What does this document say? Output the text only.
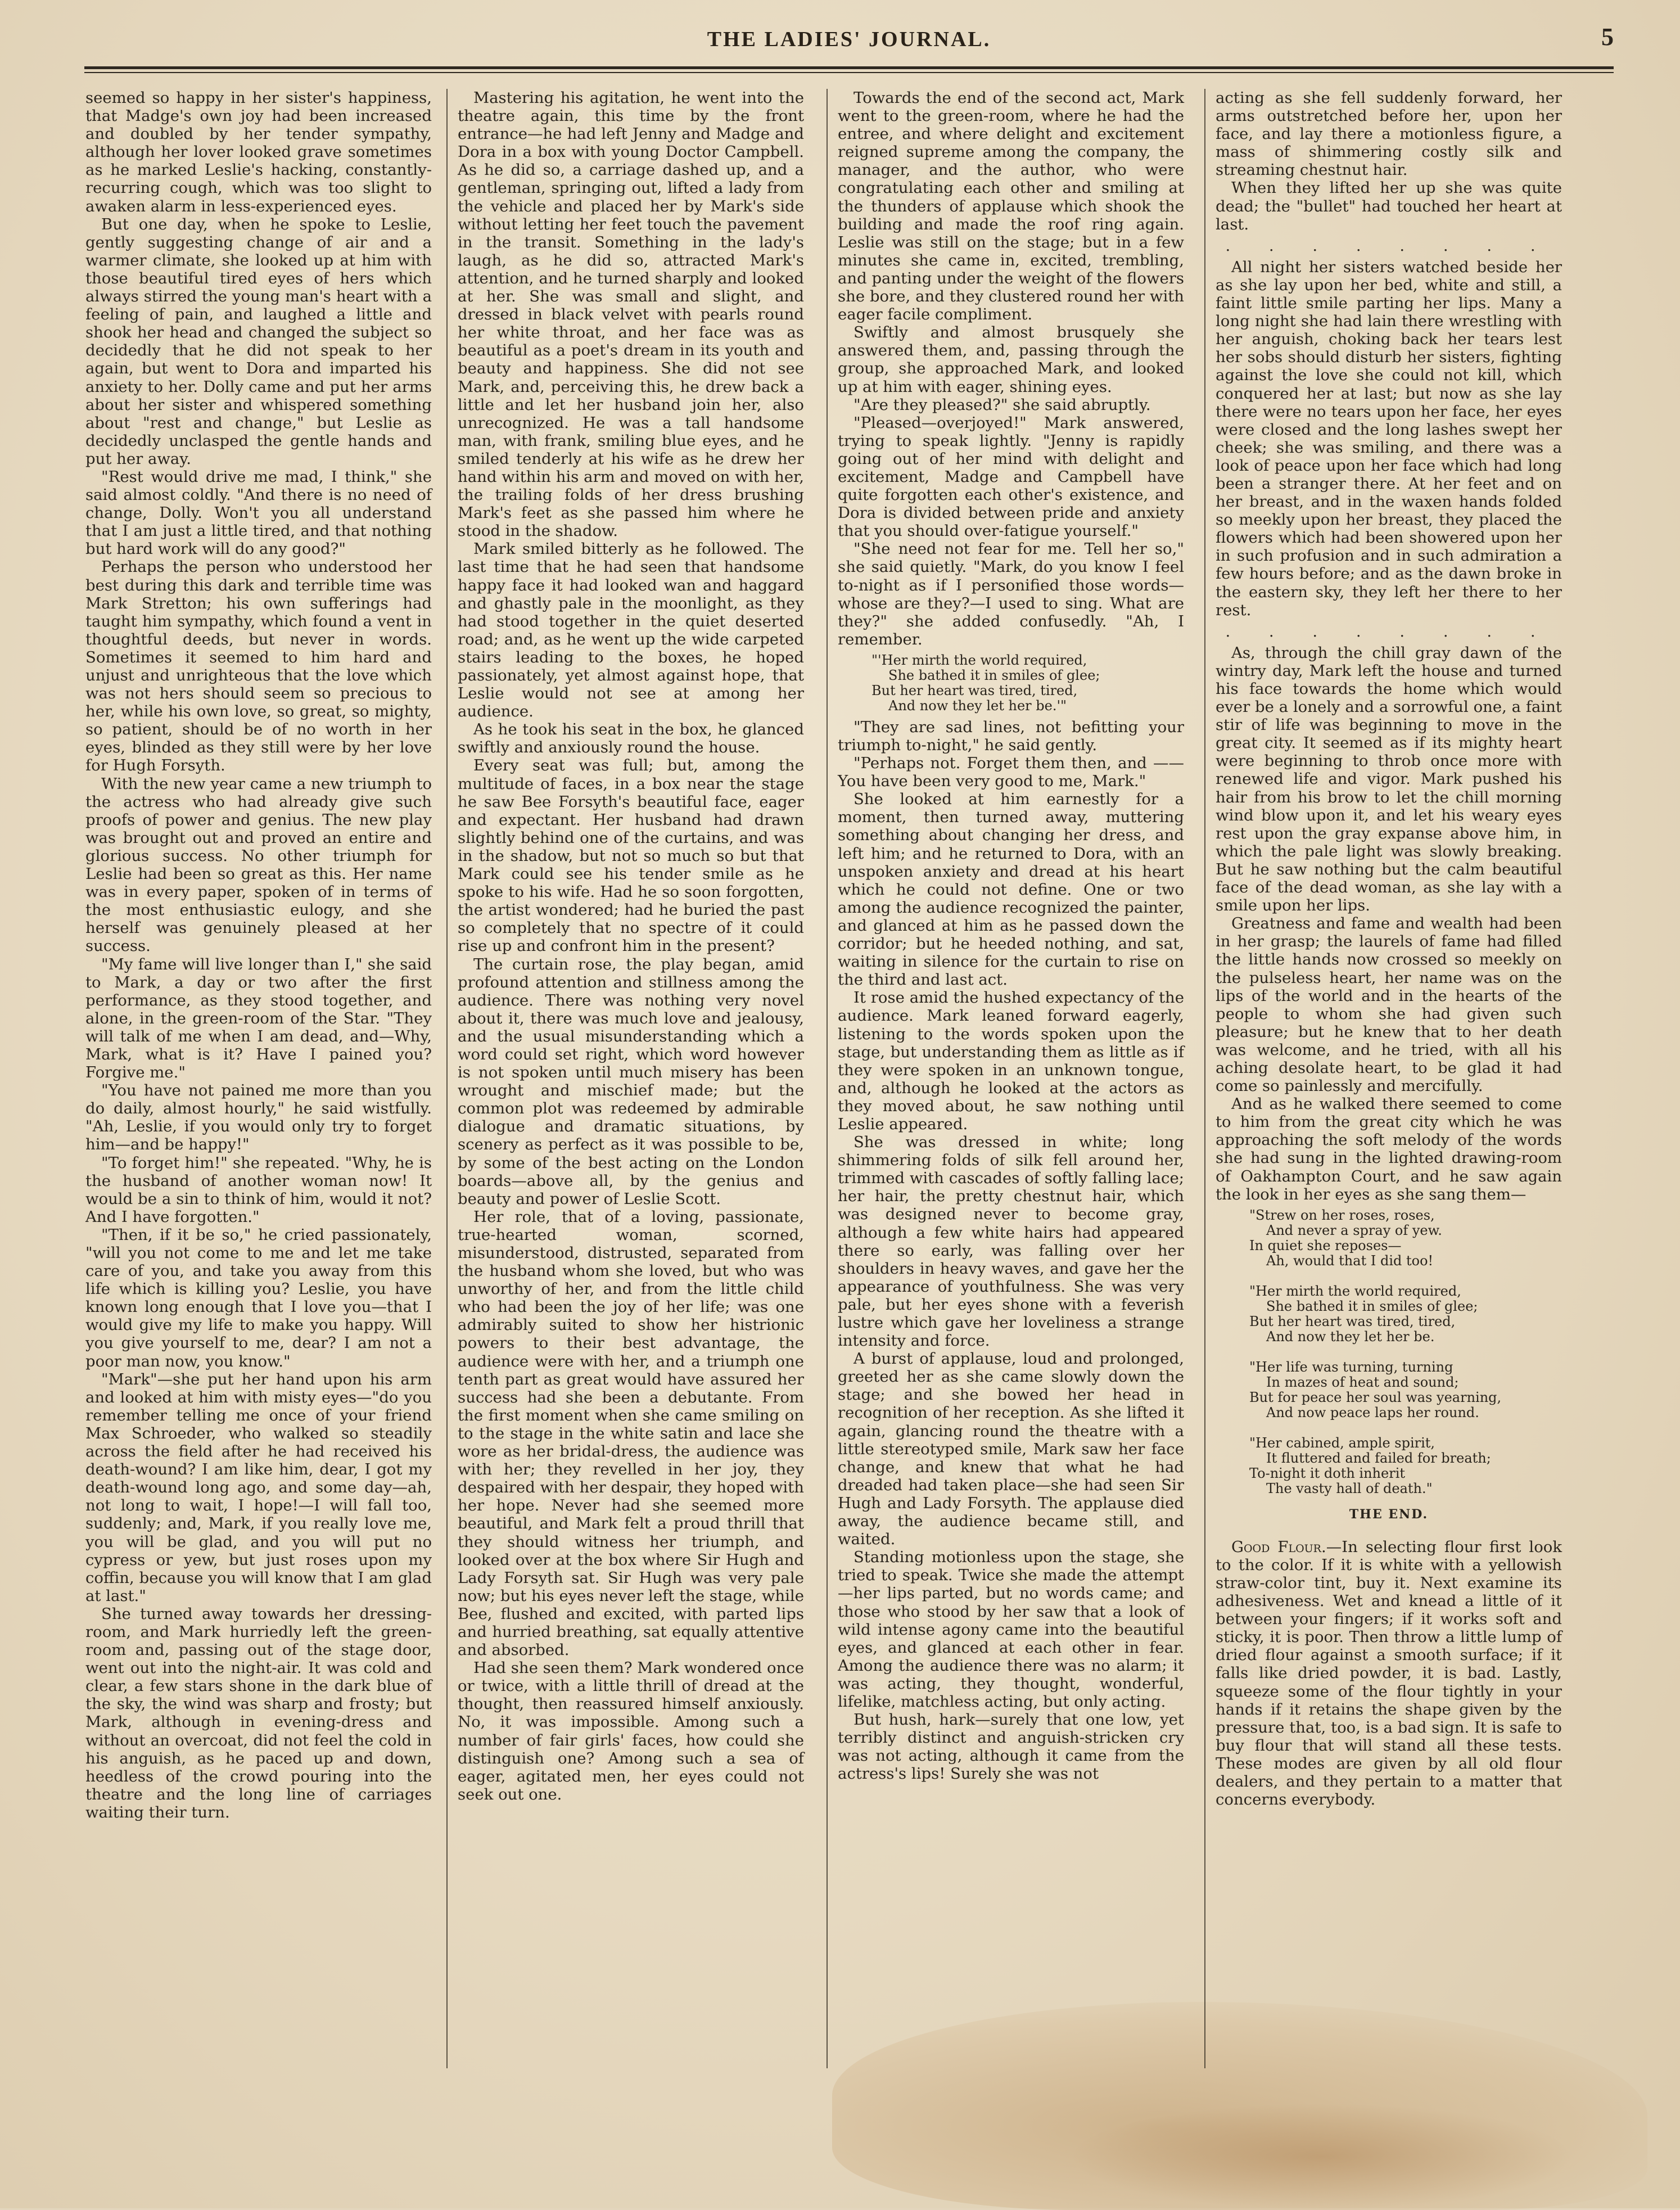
THE LADIES' JOURNAL.	5

seemed so happy in her sister's happiness, that Madge's own joy had been increased and doubled by her tender sympathy, although her lover looked grave sometimes as he marked Leslie's hacking, constantly-recurring cough, which was too slight to awaken alarm in less-experienced eyes.

But one day, when he spoke to Leslie, gently suggesting change of air and a warmer climate, she looked up at him with those beautiful tired eyes of hers which always stirred the young man's heart with a feeling of pain, and laughed a little and shook her head and changed the subject so decidedly that he did not speak to her again, but went to Dora and imparted his anxiety to her. Dolly came and put her arms about her sister and whispered something about "rest and change," but Leslie as decidedly unclasped the gentle hands and put her away.

"Rest would drive me mad, I think," she said almost coldly. "And there is no need of change, Dolly. Won't you all understand that I am just a little tired, and that nothing but hard work will do any good?"

Perhaps the person who understood her best during this dark and terrible time was Mark Stretton; his own sufferings had taught him sympathy, which found a vent in thoughtful deeds, but never in words. Sometimes it seemed to him hard and unjust and unrighteous that the love which was not hers should seem so precious to her, while his own love, so great, so mighty, so patient, should be of no worth in her eyes, blinded as they still were by her love for Hugh Forsyth.

With the new year came a new triumph to the actress who had already give such proofs of power and genius. The new play was brought out and proved an entire and glorious success. No other triumph for Leslie had been so great as this. Her name was in every paper, spoken of in terms of the most enthusiastic eulogy, and she herself was genuinely pleased at her success.

"My fame will live longer than I," she said to Mark, a day or two after the first performance, as they stood together, and alone, in the green-room of the Star. "They will talk of me when I am dead, and—Why, Mark, what is it? Have I pained you? Forgive me."

"You have not pained me more than you do daily, almost hourly," he said wistfully. "Ah, Leslie, if you would only try to forget him—and be happy!"

"To forget him!" she repeated. "Why, he is the husband of another woman now! It would be a sin to think of him, would it not? And I have forgotten."

"Then, if it be so," he cried passionately, "will you not come to me and let me take care of you, and take you away from this life which is killing you? Leslie, you have known long enough that I love you—that I would give my life to make you happy. Will you give yourself to me, dear? I am not a poor man now, you know."

"Mark"—she put her hand upon his arm and looked at him with misty eyes—"do you remember telling me once of your friend Max Schroeder, who walked so steadily across the field after he had received his death-wound? I am like him, dear, I got my death-wound long ago, and some day—ah, not long to wait, I hope!—I will fall too, suddenly; and, Mark, if you really love me, you will be glad, and you will put no cypress or yew, but just roses upon my coffin, because you will know that I am glad at last."

She turned away towards her dressing-room, and Mark hurriedly left the green-room and, passing out of the stage door, went out into the night-air. It was cold and clear, a few stars shone in the dark blue of the sky, the wind was sharp and frosty; but Mark, although in evening-dress and without an overcoat, did not feel the cold in his anguish, as he paced up and down, heedless of the crowd pouring into the theatre and the long line of carriages waiting their turn.

Mastering his agitation, he went into the theatre again, this time by the front entrance—he had left Jenny and Madge and Dora in a box with young Doctor Campbell. As he did so, a carriage dashed up, and a gentleman, springing out, lifted a lady from the vehicle and placed her by Mark's side without letting her feet touch the pavement in the transit. Something in the lady's laugh, as he did so, attracted Mark's attention, and he turned sharply and looked at her. She was small and slight, and dressed in black velvet with pearls round her white throat, and her face was as beautiful as a poet's dream in its youth and beauty and happiness. She did not see Mark, and, perceiving this, he drew back a little and let her husband join her, also unrecognized. He was a tall handsome man, with frank, smiling blue eyes, and he smiled tenderly at his wife as he drew her hand within his arm and moved on with her, the trailing folds of her dress brushing Mark's feet as she passed him where he stood in the shadow.

Mark smiled bitterly as he followed. The last time that he had seen that handsome happy face it had looked wan and haggard and ghastly pale in the moonlight, as they had stood together in the quiet deserted road; and, as he went up the wide carpeted stairs leading to the boxes, he hoped passionately, yet almost against hope, that Leslie would not see at among her audience.

As he took his seat in the box, he glanced swiftly and anxiously round the house.

Every seat was full; but, among the multitude of faces, in a box near the stage he saw Bee Forsyth's beautiful face, eager and expectant. Her husband had drawn slightly behind one of the curtains, and was in the shadow, but not so much so but that Mark could see his tender smile as he spoke to his wife. Had he so soon forgotten, the artist wondered; had he buried the past so completely that no spectre of it could rise up and confront him in the present?

The curtain rose, the play began, amid profound attention and stillness among the audience. There was nothing very novel about it, there was much love and jealousy, and the usual misunderstanding which a word could set right, which word however is not spoken until much misery has been wrought and mischief made; but the common plot was redeemed by admirable dialogue and dramatic situations, by scenery as perfect as it was possible to be, by some of the best acting on the London boards—above all, by the genius and beauty and power of Leslie Scott.

Her role, that of a loving, passionate, true-hearted woman, scorned, misunderstood, distrusted, separated from the husband whom she loved, but who was unworthy of her, and from the little child who had been the joy of her life; was one admirably suited to show her histrionic powers to their best advantage, the audience were with her, and a triumph one tenth part as great would have assured her success had she been a debutante. From the first moment when she came smiling on to the stage in the white satin and lace she wore as her bridal-dress, the audience was with her; they revelled in her joy, they despaired with her despair, they hoped with her hope. Never had she seemed more beautiful, and Mark felt a proud thrill that they should witness her triumph, and looked over at the box where Sir Hugh and Lady Forsyth sat. Sir Hugh was very pale now; but his eyes never left the stage, while Bee, flushed and excited, with parted lips and hurried breathing, sat equally attentive and absorbed.

Had she seen them? Mark wondered once or twice, with a little thrill of dread at the thought, then reassured himself anxiously. No, it was impossible. Among such a number of fair girls' faces, how could she distinguish one? Among such a sea of eager, agitated men, her eyes could not seek out one.

Towards the end of the second act, Mark went to the green-room, where he had the entree, and where delight and excitement reigned supreme among the company, the manager, and the author, who were congratulating each other and smiling at the thunders of applause which shook the building and made the roof ring again. Leslie was still on the stage; but in a few minutes she came in, excited, trembling, and panting under the weight of the flowers she bore, and they clustered round her with eager facile compliment.

Swiftly and almost brusquely she answered them, and, passing through the group, she approached Mark, and looked up at him with eager, shining eyes.

"Are they pleased?" she said abruptly.

"Pleased—overjoyed!" Mark answered, trying to speak lightly. "Jenny is rapidly going out of her mind with delight and excitement, Madge and Campbell have quite forgotten each other's existence, and Dora is divided between pride and anxiety that you should over-fatigue yourself."

"She need not fear for me. Tell her so," she said quietly. "Mark, do you know I feel to-night as if I personified those words—whose are they?—I used to sing. What are they?" she added confusedly. "Ah, I remember.

"'Her mirth the world required,
She bathed it in smiles of glee;
But her heart was tired, tired,
And now they let her be.'"

"They are sad lines, not befitting your triumph to-night," he said gently.

"Perhaps not. Forget them then, and —— You have been very good to me, Mark."

She looked at him earnestly for a moment, then turned away, muttering something about changing her dress, and left him; and he returned to Dora, with an unspoken anxiety and dread at his heart which he could not define. One or two among the audience recognized the painter, and glanced at him as he passed down the corridor; but he heeded nothing, and sat, waiting in silence for the curtain to rise on the third and last act.

It rose amid the hushed expectancy of the audience. Mark leaned forward eagerly, listening to the words spoken upon the stage, but understanding them as little as if they were spoken in an unknown tongue, and, although he looked at the actors as they moved about, he saw nothing until Leslie appeared.

She was dressed in white; long shimmering folds of silk fell around her, trimmed with cascades of softly falling lace; her hair, the pretty chestnut hair, which was designed never to become gray, although a few white hairs had appeared there so early, was falling over her shoulders in heavy waves, and gave her the appearance of youthfulness. She was very pale, but her eyes shone with a feverish lustre which gave her loveliness a strange intensity and force.

A burst of applause, loud and prolonged, greeted her as she came slowly down the stage; and she bowed her head in recognition of her reception. As she lifted it again, glancing round the theatre with a little stereotyped smile, Mark saw her face change, and knew that what he had dreaded had taken place—she had seen Sir Hugh and Lady Forsyth. The applause died away, the audience became still, and waited.

Standing motionless upon the stage, she tried to speak. Twice she made the attempt—her lips parted, but no words came; and those who stood by her saw that a look of wild intense agony came into the beautiful eyes, and glanced at each other in fear. Among the audience there was no alarm; it was acting, they thought, wonderful, lifelike, matchless acting, but only acting.

But hush, hark—surely that one low, yet terribly distinct and anguish-stricken cry was not acting, although it came from the actress's lips! Surely she was not

acting as she fell suddenly forward, her arms outstretched before her, upon her face, and lay there a motionless figure, a mass of shimmering costly silk and streaming chestnut hair.

When they lifted her up she was quite dead; the "bullet" had touched her heart at last.

. . . . . . . .

All night her sisters watched beside her as she lay upon her bed, white and still, a faint little smile parting her lips. Many a long night she had lain there wrestling with her anguish, choking back her tears lest her sobs should disturb her sisters, fighting against the love she could not kill, which conquered her at last; but now as she lay there were no tears upon her face, her eyes were closed and the long lashes swept her cheek; she was smiling, and there was a look of peace upon her face which had long been a stranger there. At her feet and on her breast, and in the waxen hands folded so meekly upon her breast, they placed the flowers which had been showered upon her in such profusion and in such admiration a few hours before; and as the dawn broke in the eastern sky, they left her there to her rest.

. . . . . . . .

As, through the chill gray dawn of the wintry day, Mark left the house and turned his face towards the home which would ever be a lonely and a sorrowful one, a faint stir of life was beginning to move in the great city. It seemed as if its mighty heart were beginning to throb once more with renewed life and vigor. Mark pushed his hair from his brow to let the chill morning wind blow upon it, and let his weary eyes rest upon the gray expanse above him, in which the pale light was slowly breaking. But he saw nothing but the calm beautiful face of the dead woman, as she lay with a smile upon her lips.

Greatness and fame and wealth had been in her grasp; the laurels of fame had filled the little hands now crossed so meekly on the pulseless heart, her name was on the lips of the world and in the hearts of the people to whom she had given such pleasure; but he knew that to her death was welcome, and he tried, with all his aching desolate heart, to be glad it had come so painlessly and mercifully.

And as he walked there seemed to come to him from the great city which he was approaching the soft melody of the words she had sung in the lighted drawing-room of Oakhampton Court, and he saw again the look in her eyes as she sang them—

"Strew on her roses, roses,
And never a spray of yew.
In quiet she reposes—
Ah, would that I did too!

"Her mirth the world required,
She bathed it in smiles of glee;
But her heart was tired, tired,
And now they let her be.

"Her life was turning, turning
In mazes of heat and sound;
But for peace her soul was yearning,
And now peace laps her round.

"Her cabined, ample spirit,
It fluttered and failed for breath;
To-night it doth inherit
The vasty hall of death."
THE END.

Good Flour.—In selecting flour first look to the color. If it is white with a yellowish straw-color tint, buy it. Next examine its adhesiveness. Wet and knead a little of it between your fingers; if it works soft and sticky, it is poor. Then throw a little lump of dried flour against a smooth surface; if it falls like dried powder, it is bad. Lastly, squeeze some of the flour tightly in your hands if it retains the shape given by the pressure that, too, is a bad sign. It is safe to buy flour that will stand all these tests. These modes are given by all old flour dealers, and they pertain to a matter that concerns everybody.
